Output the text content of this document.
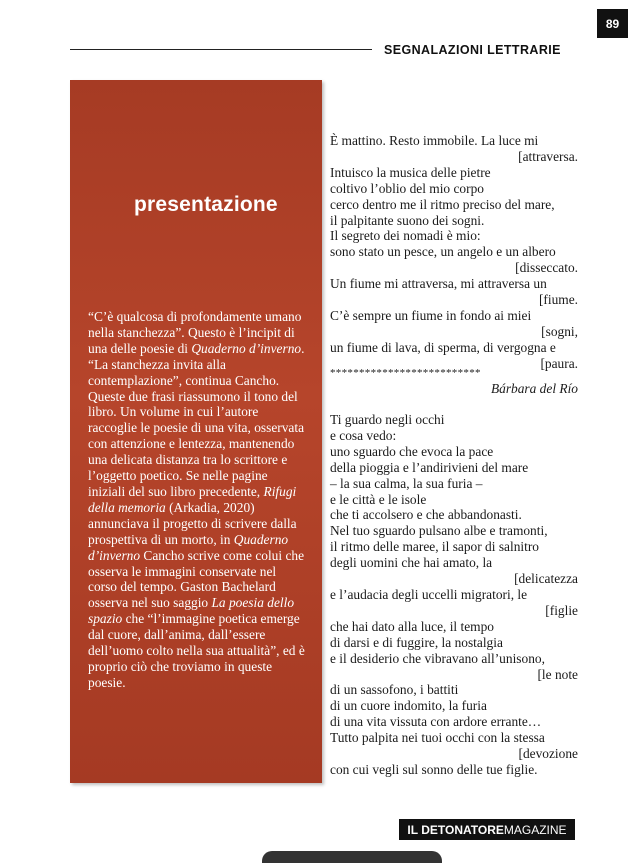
89
SEGNALAZIONI LETTRARIE
presentazione

“C’è qualcosa di profondamente umano nella stanchezza”. Questo è l’incipit di una delle poesie di Quaderno d’inverno. “La stanchezza invita alla contemplazione”, continua Cancho. Queste due frasi riassumono il tono del libro. Un volume in cui l’autore raccoglie le poesie di una vita, osservata con attenzione e lentezza, mantenendo una delicata distanza tra lo scrittore e l’oggetto poetico. Se nelle pagine iniziali del suo libro precedente, Rifugi della memoria (Arkadia, 2020) annunciava il progetto di scrivere dalla prospettiva di un morto, in Quaderno d’inverno Cancho scrive come colui che osserva le immagini conservate nel corso del tempo. Gaston Bachelard osserva nel suo saggio La poesia dello spazio che “l’immagine poetica emerge dal cuore, dall’anima, dall’essere dell’uomo colto nella sua attualità”, ed è proprio ciò che troviamo in queste poesie.

È mattino. Resto immobile. La luce mi
[attraversa.
Intuisco la musica delle pietre
coltivo l’oblio del mio corpo
cerco dentro me il ritmo preciso del mare,
il palpitante suono dei sogni.
Il segreto dei nomadi è mio:
sono stato un pesce, un angelo e un albero
[disseccato.
Un fiume mi attraversa, mi attraversa un
[fiume.
C’è sempre un fiume in fondo ai miei
[sogni,
un fiume di lava, di sperma, di vergogna e
[paura.
**************************
Bárbara del Río
Ti guardo negli occhi
e cosa vedo:
uno sguardo che evoca la pace
della pioggia e l’andirivieni del mare
– la sua calma, la sua furia –
e le città e le isole
che ti accolsero e che abbandonasti.
Nel tuo sguardo pulsano albe e tramonti,
il ritmo delle maree, il sapor di salnitro
degli uomini che hai amato, la
[delicatezza
e l’audacia degli uccelli migratori, le
[figlie
che hai dato alla luce, il tempo
di darsi e di fuggire, la nostalgia
e il desiderio che vibravano all’unisono,
[le note
di un sassofono, i battiti
di un cuore indomito, la furia
di una vita vissuta con ardore errante…
Tutto palpita nei tuoi occhi con la stessa
[devozione
con cui vegli sul sonno delle tue figlie.
IL DETONATORE MAGAZINE
